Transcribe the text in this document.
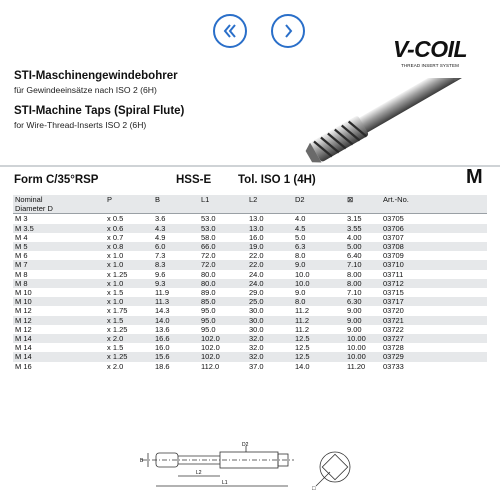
V-COIL
THREAD INSERT SYSTEM
STI-Maschinengewindebohrer
für Gewindeeinsätze nach ISO 2 (6H)
STI-Machine Taps (Spiral Flute)
for Wire-Thread-Inserts ISO 2 (6H)
Form C/35°RSP	HSS-E Tol. ISO 1 (4H)	M
Nominal	P	B	L1	L2	D2	⊠	Art.-No.	
Diameter D								
M 3	x 0.5	3.6	53.0	13.0	4.0	3.15	03705	
M 3.5	x 0.6	4.3	53.0	13.0	4.5	3.55	03706	
M 4	x 0.7	4.9	58.0	16.0	5.0	4.00	03707	
M 5	x 0.8	6.0	66.0	19.0	6.3	5.00	03708	
M 6	x 1.0	7.3	72.0	22.0	8.0	6.40	03709	
M 7	x 1.0	8.3	72.0	22.0	9.0	7.10	03710	
M 8	x 1.25	9.6	80.0	24.0	10.0	8.00	03711	
M 8	x 1.0	9.3	80.0	24.0	10.0	8.00	03712	
M 10	x 1.5	11.9	89.0	29.0	9.0	7.10	03715	
M 10	x 1.0	11.3	85.0	25.0	8.0	6.30	03717	
M 12	x 1.75	14.3	95.0	30.0	11.2	9.00	03720	
M 12	x 1.5	14.0	95.0	30.0	11.2	9.00	03721	
M 12	x 1.25	13.6	95.0	30.0	11.2	9.00	03722	
M 14	x 2.0	16.6	102.0	32.0	12.5	10.00	03727	
M 14	x 1.5	16.0	102.0	32.0	12.5	10.00	03728	
M 14	x 1.25	15.6	102.0	32.0	12.5	10.00	03729	
M 16	x 2.0	18.6	112.0	37.0	14.0	11.20	03733	
B
D2
L2
L1
□
